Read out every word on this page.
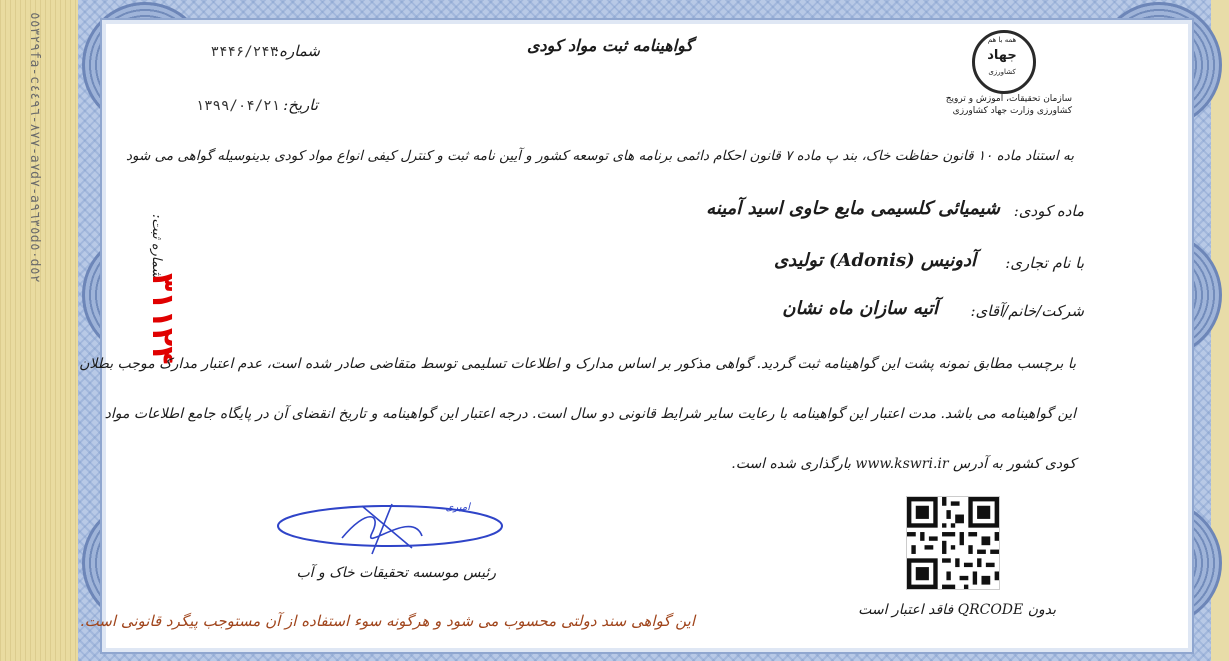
٥٥٣٢٩fa-c٨٧٧-٤٤٩٦-a٧d٧-a٩٦٣٥d٥٠d٥٢
همه با هم
جهاد
کشاورزی
سازمان تحقیقات، آموزش و ترویج
کشاورزی وزارت جهاد کشاورزی
گواهینامه ثبت مواد کودی
شماره:
۳۴۴۶/۲۴۳
تاریخ:
۱۳۹۹/۰۴/۲۱
به استناد ماده ۱۰ قانون حفاظت خاک، بند پ ماده ۷ قانون احکام دائمی برنامه های توسعه کشور و آیین نامه ثبت و کنترل کیفی انواع مواد کودی بدینوسیله گواهی می شود
ماده کودی:
شیمیائی کلسیمی مایع حاوی اسید آمینه
با نام تجاری:
آدونیس (Adonis) تولیدی
شرکت/خانم/آقای:
آتیه سازان ماه نشان
شماره ثبت:
۳۱۱۲۴
با برچسب مطابق نمونه پشت این گواهینامه ثبت گردید. گواهی مذکور بر اساس مدارک و اطلاعات تسلیمی توسط متقاضی صادر شده است، عدم اعتبار مدارک موجب بطلان
این گواهینامه می باشد. مدت اعتبار این گواهینامه با رعایت سایر شرایط قانونی دو سال است. درجه اعتبار این گواهینامه و تاریخ انقضای آن در پایگاه جامع اطلاعات مواد
کودی کشور به آدرس www.kswri.ir بارگذاری شده است.
امیری
رئیس موسسه تحقیقات خاک و آب
بدون QRCODE فاقد اعتبار است
این گواهی سند دولتی محسوب می شود و هرگونه سوء استفاده از آن مستوجب پیگرد قانونی است.
